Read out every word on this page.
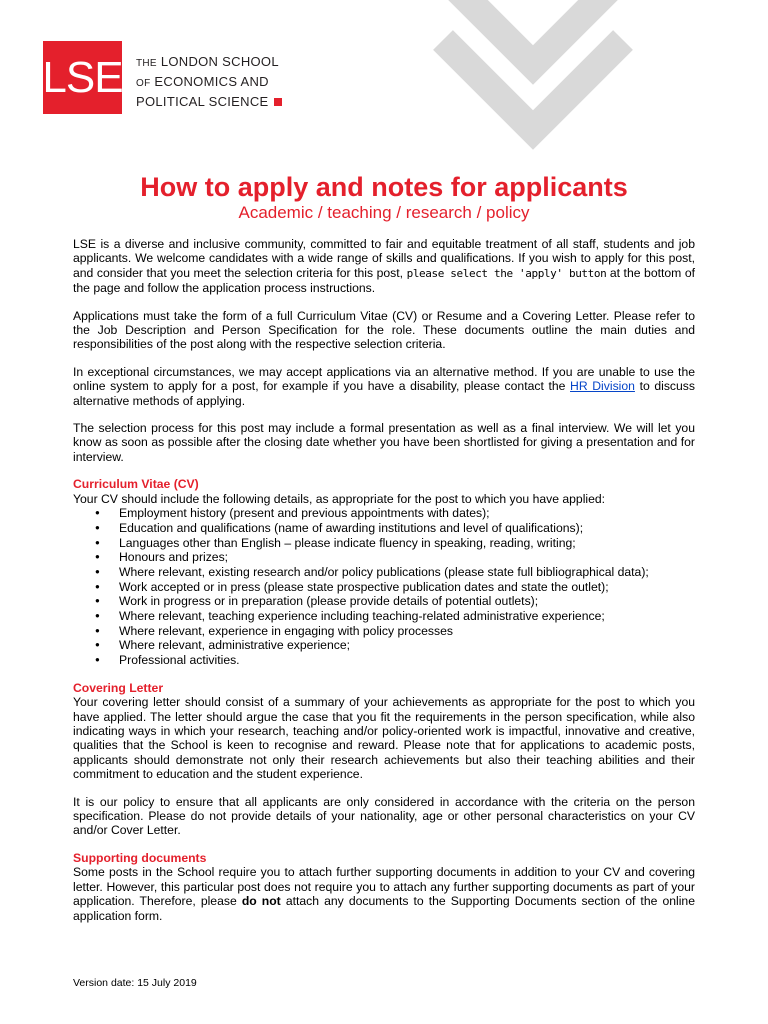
LSE THE LONDON SCHOOL
OF ECONOMICS AND
POLITICAL SCIENCE
How to apply and notes for applicants
Academic / teaching / research / policy

LSE is a diverse and inclusive community, committed to fair and equitable treatment of all staff, students and job applicants. We welcome candidates with a wide range of skills and qualifications. If you wish to apply for this post, and consider that you meet the selection criteria for this post, please select the 'apply' button at the bottom of the page and follow the application process instructions.

Applications must take the form of a full Curriculum Vitae (CV) or Resume and a Covering Letter. Please refer to the Job Description and Person Specification for the role. These documents outline the main duties and responsibilities of the post along with the respective selection criteria.

In exceptional circumstances, we may accept applications via an alternative method. If you are unable to use the online system to apply for a post, for example if you have a disability, please contact the HR Division to discuss alternative methods of applying.

The selection process for this post may include a formal presentation as well as a final interview. We will let you know as soon as possible after the closing date whether you have been shortlisted for giving a presentation and for interview.

Curriculum Vitae (CV)
Your CV should include the following details, as appropriate for the post to which you have applied:
● Employment history (present and previous appointments with dates);
● Education and qualifications (name of awarding institutions and level of qualifications);
● Languages other than English – please indicate fluency in speaking, reading, writing;
● Honours and prizes;
● Where relevant, existing research and/or policy publications (please state full bibliographical data);
● Work accepted or in press (please state prospective publication dates and state the outlet);
● Work in progress or in preparation (please provide details of potential outlets);
● Where relevant, teaching experience including teaching-related administrative experience;
● Where relevant, experience in engaging with policy processes
● Where relevant, administrative experience;
● Professional activities.
Covering Letter

Your covering letter should consist of a summary of your achievements as appropriate for the post to which you have applied. The letter should argue the case that you fit the requirements in the person specification, while also indicating ways in which your research, teaching and/or policy-oriented work is impactful, innovative and creative, qualities that the School is keen to recognise and reward. Please note that for applications to academic posts, applicants should demonstrate not only their research achievements but also their teaching abilities and their commitment to education and the student experience.

It is our policy to ensure that all applicants are only considered in accordance with the criteria on the person specification. Please do not provide details of your nationality, age or other personal characteristics on your CV and/or Cover Letter.

Supporting documents

Some posts in the School require you to attach further supporting documents in addition to your CV and covering letter. However, this particular post does not require you to attach any further supporting documents as part of your application. Therefore, please do not attach any documents to the Supporting Documents section of the online application form.

Version date: 15 July 2019
